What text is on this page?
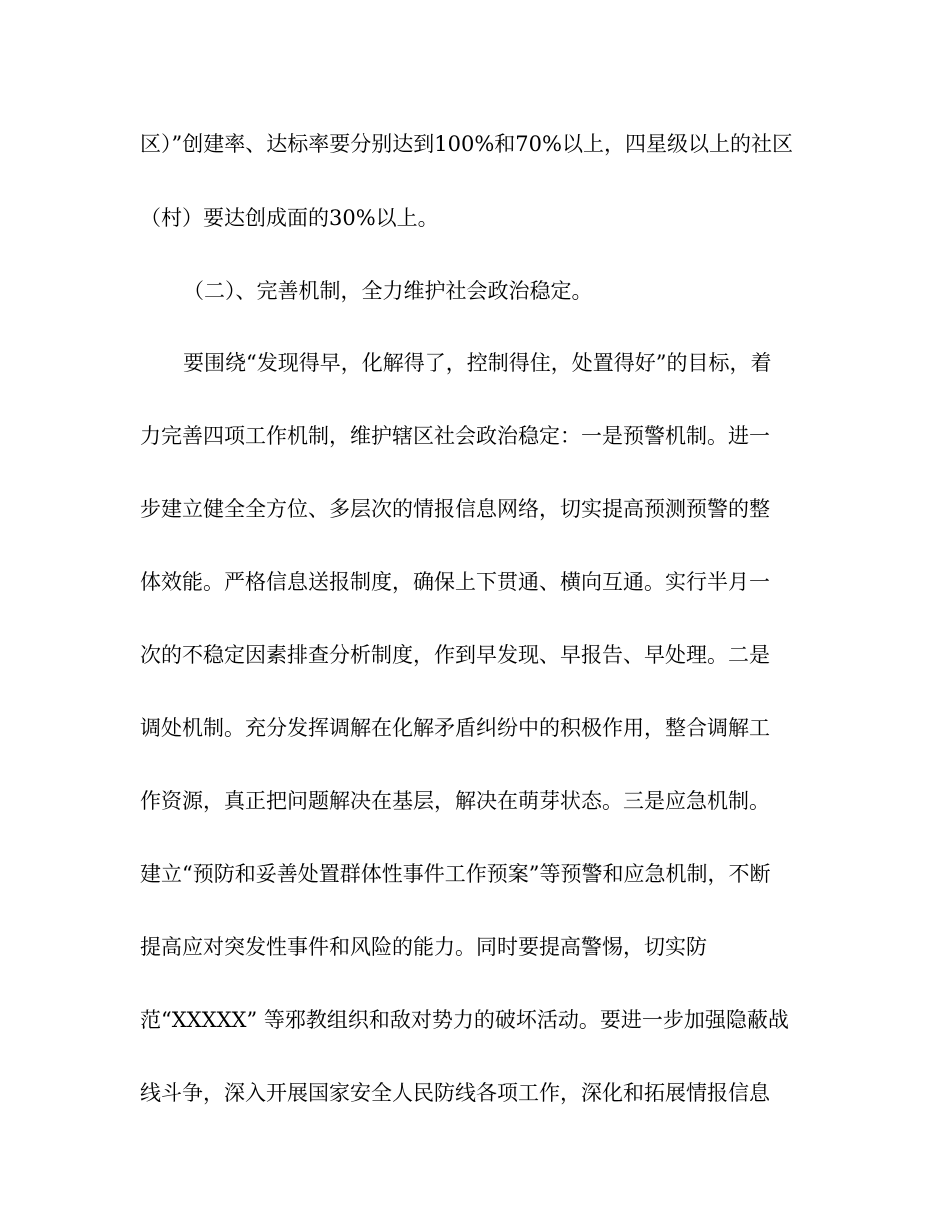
区）”创建率、达标率要分别达到100%和70%以上，四星级以上的社区
（村）要达创成面的30%以上。
（二）、完善机制，全力维护社会政治稳定。
要围绕“发现得早，化解得了，控制得住，处置得好”的目标，着
力完善四项工作机制，维护辖区社会政治稳定：一是预警机制。进一
步建立健全全方位、多层次的情报信息网络，切实提高预测预警的整
体效能。严格信息送报制度，确保上下贯通、横向互通。实行半月一
次的不稳定因素排查分析制度，作到早发现、早报告、早处理。二是
调处机制。充分发挥调解在化解矛盾纠纷中的积极作用，整合调解工
作资源，真正把问题解决在基层，解决在萌芽状态。三是应急机制。
建立“预防和妥善处置群体性事件工作预案”等预警和应急机制，不断
提高应对突发性事件和风险的能力。同时要提高警惕，切实防
范“XXXXX” 等邪教组织和敌对势力的破坏活动。要进一步加强隐蔽战
线斗争，深入开展国家安全人民防线各项工作，深化和拓展情报信息
